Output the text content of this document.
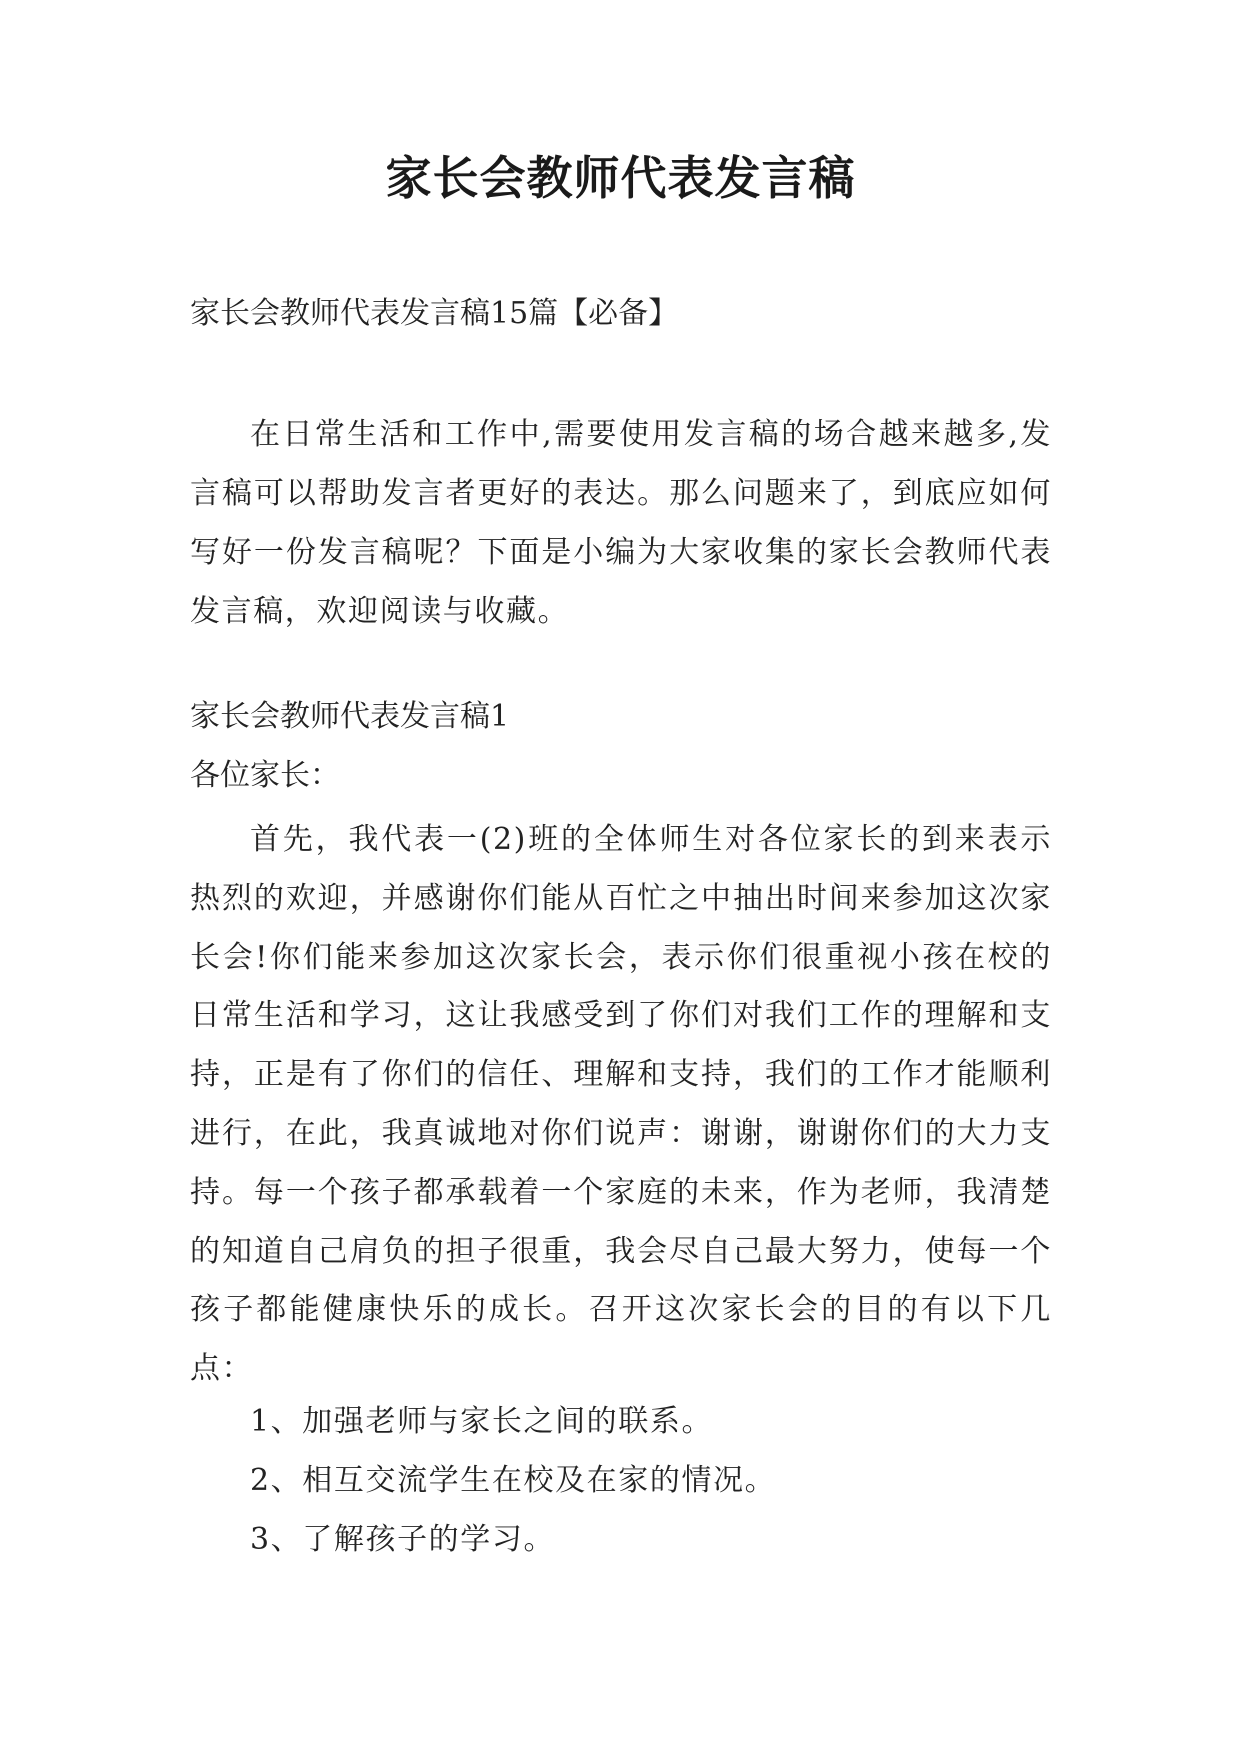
家长会教师代表发言稿
家长会教师代表发言稿15篇【必备】
在日常生活和工作中,需要使用发言稿的场合越来越多,发言稿可以帮助发言者更好的表达。那么问题来了，到底应如何写好一份发言稿呢？下面是小编为大家收集的家长会教师代表发言稿，欢迎阅读与收藏。
家长会教师代表发言稿1
各位家长：
首先，我代表一(2)班的全体师生对各位家长的到来表示热烈的欢迎，并感谢你们能从百忙之中抽出时间来参加这次家长会!你们能来参加这次家长会，表示你们很重视小孩在校的日常生活和学习，这让我感受到了你们对我们工作的理解和支持，正是有了你们的信任、理解和支持，我们的工作才能顺利进行，在此，我真诚地对你们说声：谢谢，谢谢你们的大力支持。每一个孩子都承载着一个家庭的未来，作为老师，我清楚的知道自己肩负的担子很重，我会尽自己最大努力，使每一个孩子都能健康快乐的成长。召开这次家长会的目的有以下几点：
1、加强老师与家长之间的联系。
2、相互交流学生在校及在家的情况。
3、了解孩子的学习。
